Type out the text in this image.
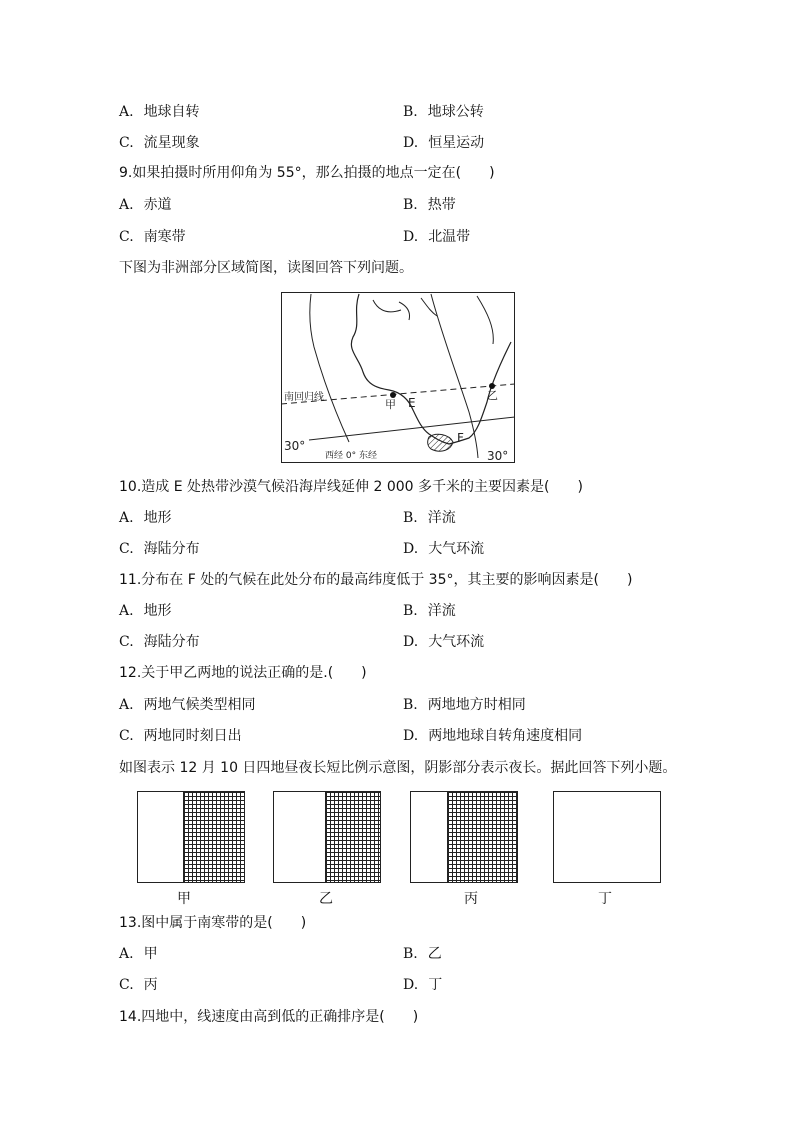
A. 地球自转	B. 地球公转
C. 流星现象	D. 恒星运动
9.如果拍摄时所用仰角为 55°，那么拍摄的地点一定在(　　)
A. 赤道	B. 热带
C. 南寒带	D. 北温带
下图为非洲部分区域简图，读图回答下列问题。
南回归线
30°
西经 0° 东经	30°
甲
乙
E
F
10.造成 E 处热带沙漠气候沿海岸线延伸 2 000 多千米的主要因素是(　　)
A. 地形	B. 洋流
C. 海陆分布	D. 大气环流
11.分布在 F 处的气候在此处分布的最高纬度低于 35°，其主要的影响因素是(　　)
A. 地形	B. 洋流
C. 海陆分布	D. 大气环流
12.关于甲乙两地的说法正确的是.(　　)
A. 两地气候类型相同	B. 两地地方时相同
C. 两地同时刻日出	D. 两地地球自转角速度相同
如图表示 12 月 10 日四地昼夜长短比例示意图，阴影部分表示夜长。据此回答下列小题。
甲	乙	丙	丁
13.图中属于南寒带的是(　　)
A. 甲	B. 乙
C. 丙	D. 丁
14.四地中，线速度由高到低的正确排序是(　　)
